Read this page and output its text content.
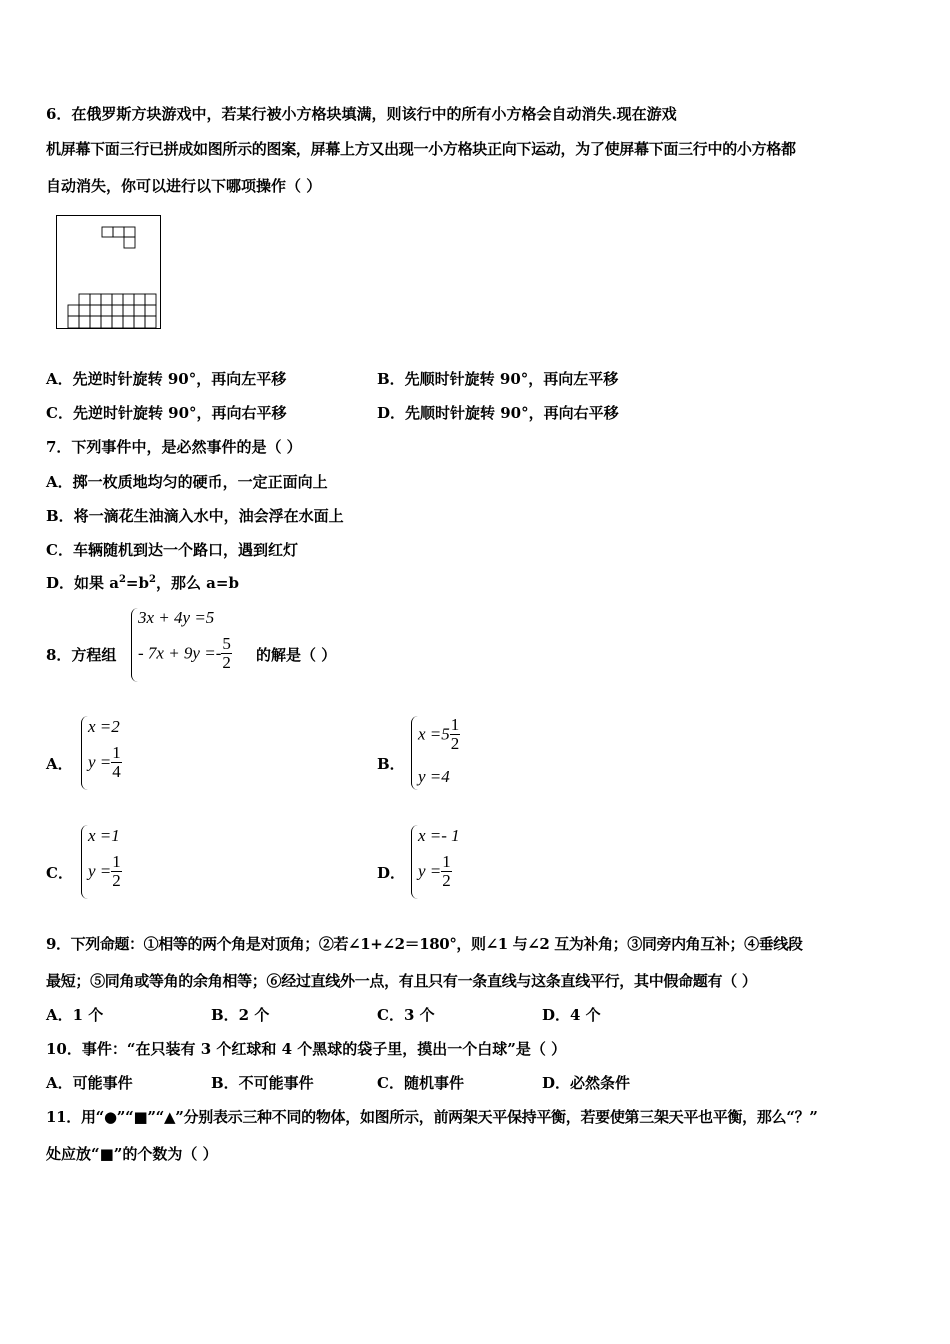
6．在俄罗斯方块游戏中，若某行被小方格块填满，则该行中的所有小方格会自动消失.现在游戏
机屏幕下面三行已拼成如图所示的图案，屏幕上方又出现一小方格块正向下运动，为了使屏幕下面三行中的小方格都
自动消失，你可以进行以下哪项操作（ ）
A．先逆时针旋转 90°，再向左平移	B．先顺时针旋转 90°，再向左平移
C．先逆时针旋转 90°，再向右平移	D．先顺时针旋转 90°，再向右平移
7．下列事件中，是必然事件的是（ ）
A．掷一枚质地均匀的硬币，一定正面向上
B．将一滴花生油滴入水中，油会浮在水面上
C．车辆随机到达一个路口，遇到红灯
D．如果 $a^2=b^2$，那么 a=b
8．方程组
3x + 4y =5
- $7x + 9y =- \frac{5}{2}$ 的解是（ ）
A．
x =2
$y = \frac{1}{4}$	B．
$x =5 \frac{1}{2}$
y =4
C．
x =1
$y = \frac{1}{2}$	D．
x =- 1
$y = \frac{1}{2}$
9．下列命题：①相等的两个角是对顶角；②若∠1+∠2＝180°，则∠1 与∠2 互为补角；③同旁内角互补；④垂线段
最短；⑤同角或等角的余角相等；⑥经过直线外一点，有且只有一条直线与这条直线平行，其中假命题有（ ）
A．1 个	B．2 个	C．3 个	D．4 个
10．事件：“在只装有 3 个红球和 4 个黑球的袋子里，摸出一个白球”是（ ）
A．可能事件	B．不可能事件	C．随机事件	D．必然条件
11．用“●”“■”“▲”分别表示三种不同的物体，如图所示，前两架天平保持平衡，若要使第三架天平也平衡，那么“？”
处应放“■”的个数为（ ）
